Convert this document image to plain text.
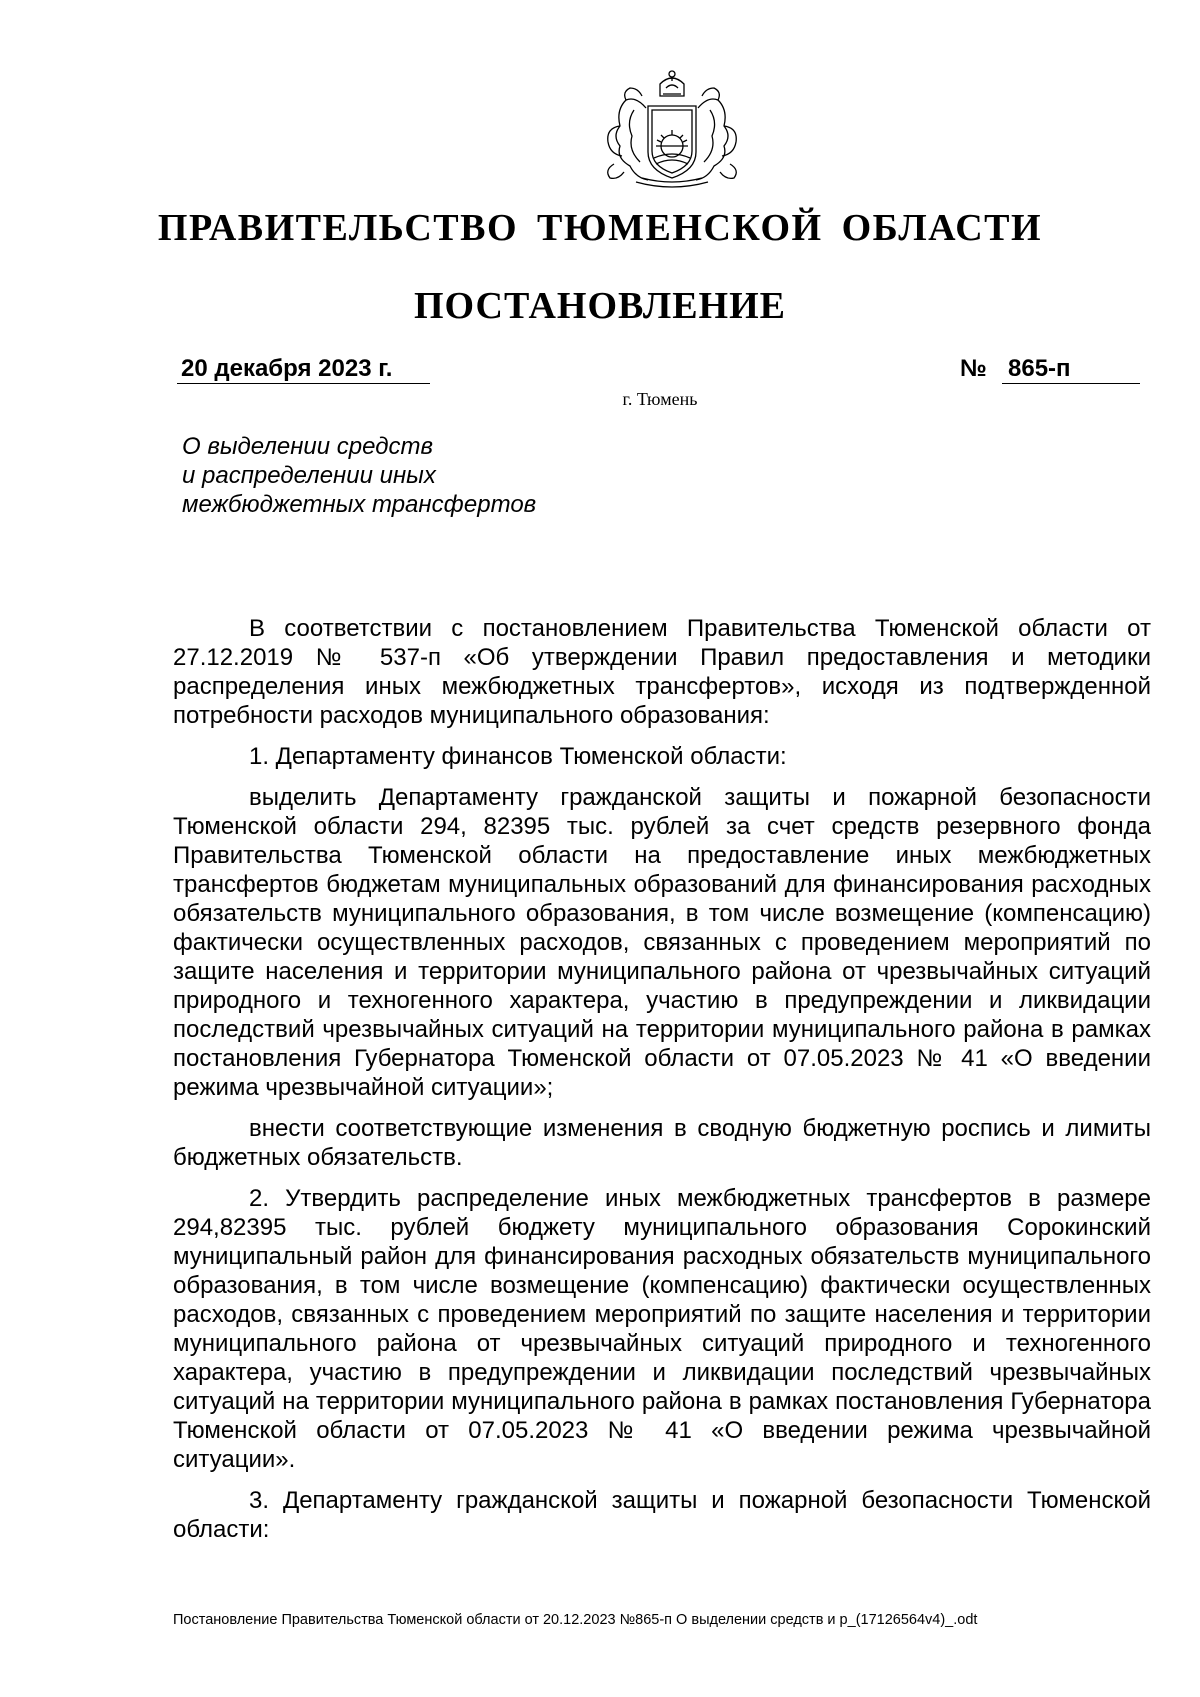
ПРАВИТЕЛЬСТВО ТЮМЕНСКОЙ ОБЛАСТИ
ПОСТАНОВЛЕНИЕ
20 декабря 2023 г.	№ 865-п
г. Тюмень
О выделении средств
и распределении иных
межбюджетных трансфертов

В соответствии с постановлением Правительства Тюменской области от 27.12.2019 № 537-п «Об утверждении Правил предоставления и методики распределения иных межбюджетных трансфертов», исходя из подтвержденной потребности расходов муниципального образования:

1. Департаменту финансов Тюменской области:

выделить Департаменту гражданской защиты и пожарной безопасности Тюменской области 294, 82395 тыс. рублей за счет средств резервного фонда Правительства Тюменской области на предоставление иных межбюджетных трансфертов бюджетам муниципальных образований для финансирования расходных обязательств муниципального образования, в том числе возмещение (компенсацию) фактически осуществленных расходов, связанных с проведением мероприятий по защите населения и территории муниципального района от чрезвычайных ситуаций природного и техногенного характера, участию в предупреждении и ликвидации последствий чрезвычайных ситуаций на территории муниципального района в рамках постановления Губернатора Тюменской области от 07.05.2023 № 41 «О введении режима чрезвычайной ситуации»;

внести соответствующие изменения в сводную бюджетную роспись и лимиты бюджетных обязательств.

2. Утвердить распределение иных межбюджетных трансфертов в размере 294,82395 тыс. рублей бюджету муниципального образования Сорокинский муниципальный район для финансирования расходных обязательств муниципального образования, в том числе возмещение (компенсацию) фактически осуществленных расходов, связанных с проведением мероприятий по защите населения и территории муниципального района от чрезвычайных ситуаций природного и техногенного характера, участию в предупреждении и ликвидации последствий чрезвычайных ситуаций на территории муниципального района в рамках постановления Губернатора Тюменской области от 07.05.2023 № 41 «О введении режима чрезвычайной ситуации».

3. Департаменту гражданской защиты и пожарной безопасности Тюменской области:

Постановление Правительства Тюменской области от 20.12.2023 №865-п О выделении средств и р_(17126564v4)_.odt
